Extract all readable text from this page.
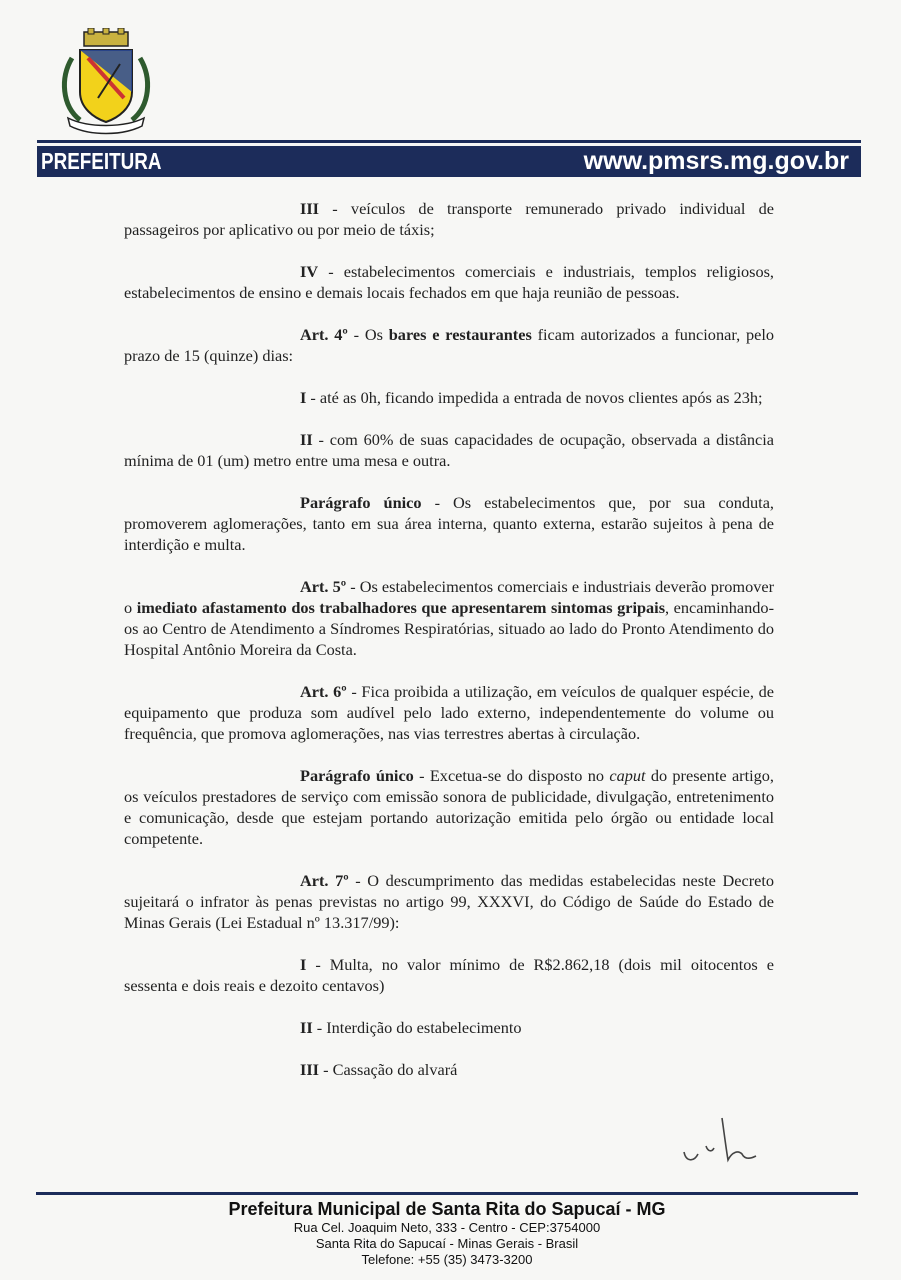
PREFEITURA	www.pmsrs.mg.gov.br

III - veículos de transporte remunerado privado individual de passageiros por aplicativo ou por meio de táxis;

IV - estabelecimentos comerciais e industriais, templos religiosos, estabelecimentos de ensino e demais locais fechados em que haja reunião de pessoas.

Art. 4º - Os bares e restaurantes ficam autorizados a funcionar, pelo prazo de 15 (quinze) dias:

I - até as 0h, ficando impedida a entrada de novos clientes após as 23h;

II - com 60% de suas capacidades de ocupação, observada a distância mínima de 01 (um) metro entre uma mesa e outra.

Parágrafo único - Os estabelecimentos que, por sua conduta, promoverem aglomerações, tanto em sua área interna, quanto externa, estarão sujeitos à pena de interdição e multa.

Art. 5º - Os estabelecimentos comerciais e industriais deverão promover o imediato afastamento dos trabalhadores que apresentarem sintomas gripais, encaminhando-os ao Centro de Atendimento a Síndromes Respiratórias, situado ao lado do Pronto Atendimento do Hospital Antônio Moreira da Costa.

Art. 6º - Fica proibida a utilização, em veículos de qualquer espécie, de equipamento que produza som audível pelo lado externo, independentemente do volume ou frequência, que promova aglomerações, nas vias terrestres abertas à circulação.

Parágrafo único - Excetua-se do disposto no caput do presente artigo, os veículos prestadores de serviço com emissão sonora de publicidade, divulgação, entretenimento e comunicação, desde que estejam portando autorização emitida pelo órgão ou entidade local competente.

Art. 7º - O descumprimento das medidas estabelecidas neste Decreto sujeitará o infrator às penas previstas no artigo 99, XXXVI, do Código de Saúde do Estado de Minas Gerais (Lei Estadual nº 13.317/99):

I - Multa, no valor mínimo de R$2.862,18 (dois mil oitocentos e sessenta e dois reais e dezoito centavos)

II - Interdição do estabelecimento

III - Cassação do alvará

Prefeitura Municipal de Santa Rita do Sapucaí - MG
Rua Cel. Joaquim Neto, 333 - Centro - CEP:3754000
Santa Rita do Sapucaí - Minas Gerais - Brasil
Telefone: +55 (35) 3473-3200
